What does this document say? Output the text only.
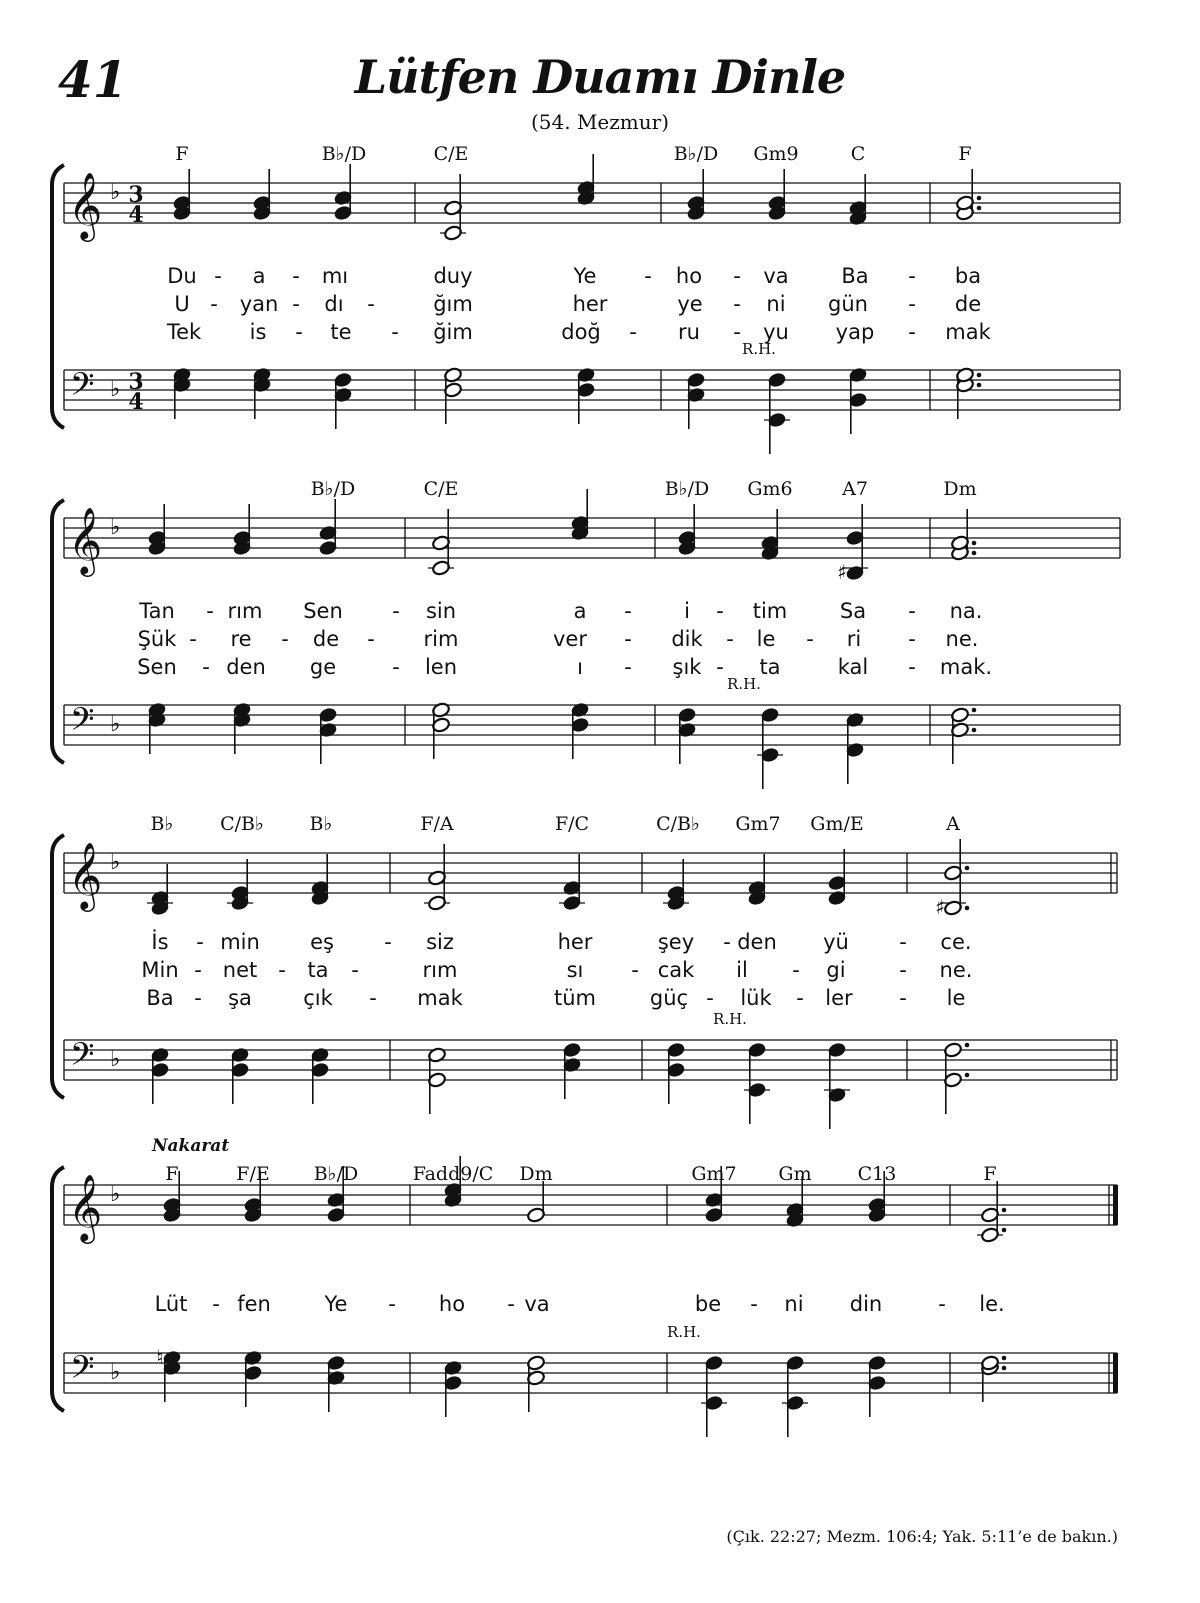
41	Lütfen Duamı Dinle
(54. Mezmur)
𝄞
𝄢
♭
♭
3
4
3
4
R.H.
F	B♭/D	C/E	B♭/D Gm9	C	F
Du - a - mı	duy	Ye - ho - va	Ba - ba
U - yan - dı -	ğım	her	ye - ni gün - de
Tek is - te - ğim	doğ - ru - yu yap - mak
𝄞
𝄢
♭
♭
♯
R.H.
B♭/D	C/E	B♭/D Gm6	A7	Dm
Tan - rım Sen - sin	a - i - tim	Sa - na.
Şük - re - de - rim	ver - dik - le - ri - ne.
Sen - den ge	- len	ı - şık - ta	kal - mak.
𝄞
𝄢
♭
♭
♯
R.H.
B♭ C/B♭ B♭	F/A	F/C	C/B♭ Gm7 Gm/E	A
İs - min eş - siz	her	şey - den yü - ce.
Min - net - ta -	rım	sı - cak il - gi	- ne.
Ba - şa çık - mak	tüm	güç - lük - ler - le
𝄞
𝄢
♭
♭
♮
R.H.
F	F/E B♭/D	Fadd9/C Dm	Gm7 Gm C13	F
Lüt - fen	Ye - ho - va	be - ni din	- le.
Nakarat
(Çık. 22:27; Mezm. 106:4; Yak. 5:11’e de bakın.)
